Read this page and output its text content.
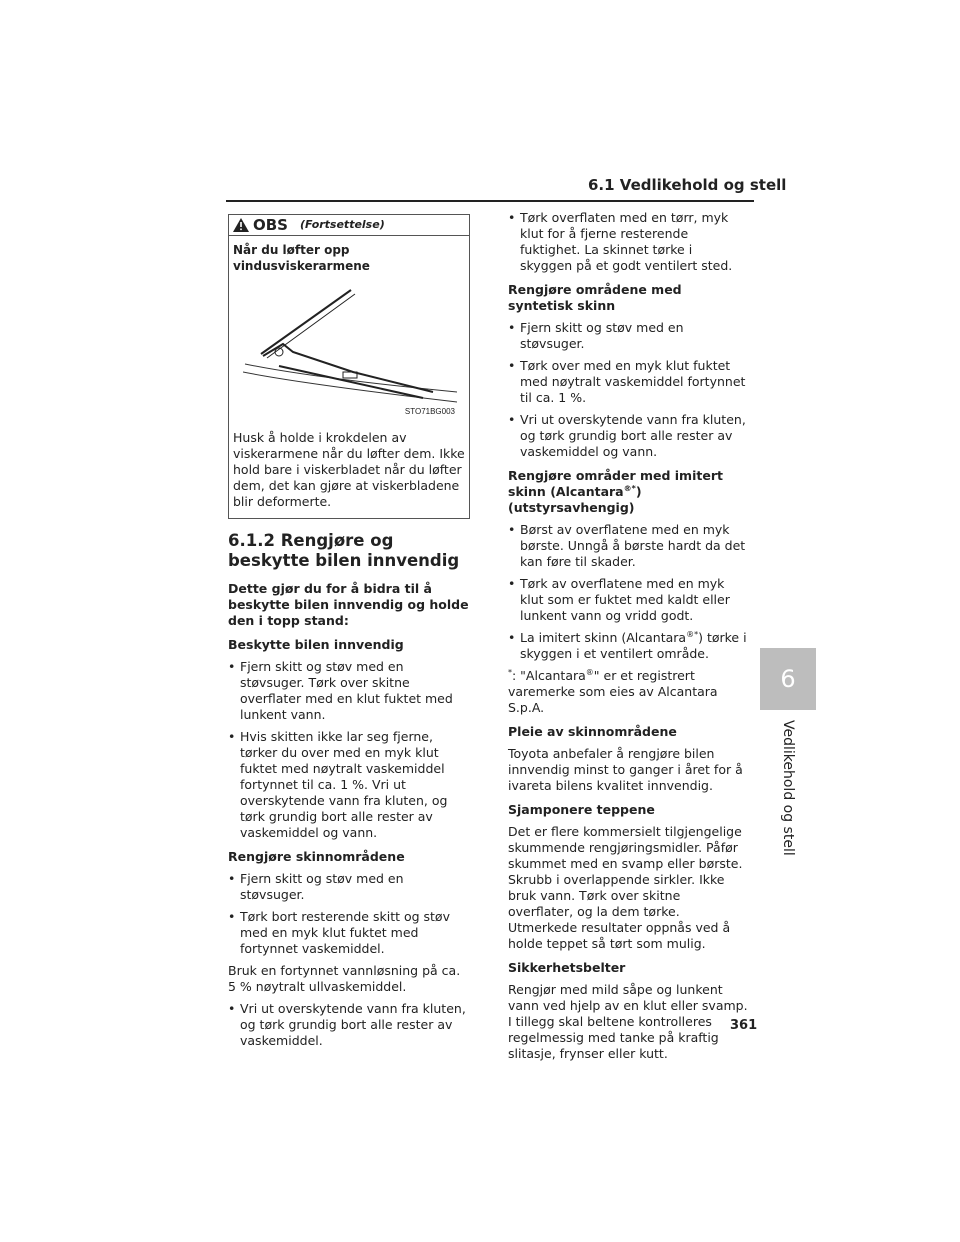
6.1 Vedlikehold og stell
6
Vedlikehold og stell
OBS (Fortsettelse)
Når du løfter opp vindusviskerarmene
STO71BG003
Husk å holde i krokdelen av viskerarmene når du løfter dem. Ikke hold bare i viskerbladet når du løfter dem, det kan gjøre at viskerbladene blir deformerte.
6.1.2 Rengjøre og beskytte bilen innvendig

Dette gjør du for å bidra til å beskytte bilen innvendig og holde den i topp stand:

Beskytte bilen innvendig
• Fjern skitt og støv med en støvsuger. Tørk over skitne overflater med en klut fuktet med lunkent vann.
• Hvis skitten ikke lar seg fjerne, tørker du over med en myk klut fuktet med nøytralt vaskemiddel fortynnet til ca. 1 %. Vri ut overskytende vann fra kluten, og tørk grundig bort alle rester av vaskemiddel og vann.
Rengjøre skinnområdene
• Fjern skitt og støv med en støvsuger.
• Tørk bort resterende skitt og støv med en myk klut fuktet med fortynnet vaskemiddel.

Bruk en fortynnet vannløsning på ca. 5 % nøytralt ullvaskemiddel.

• Vri ut overskytende vann fra kluten, og tørk grundig bort alle rester av vaskemiddel.
• Tørk overflaten med en tørr, myk klut for å fjerne resterende fuktighet. La skinnet tørke i skyggen på et godt ventilert sted.
Rengjøre områdene med syntetisk skinn
• Fjern skitt og støv med en støvsuger.
• Tørk over med en myk klut fuktet med nøytralt vaskemiddel fortynnet til ca. 1 %.
• Vri ut overskytende vann fra kluten, og tørk grundig bort alle rester av vaskemiddel og vann.
Rengjøre områder med imitert skinn (Alcantara®*) (utstyrsavhengig)
• Børst av overflatene med en myk børste. Unngå å børste hardt da det kan føre til skader.
• Tørk av overflatene med en myk klut som er fuktet med kaldt eller lunkent vann og vridd godt.
• La imitert skinn (Alcantara®*) tørke i skyggen i et ventilert område.

*: "Alcantara®" er et registrert varemerke som eies av Alcantara S.p.A.

Pleie av skinnområdene

Toyota anbefaler å rengjøre bilen innvendig minst to ganger i året for å ivareta bilens kvalitet innvendig.

Sjamponere teppene

Det er flere kommersielt tilgjengelige skummende rengjøringsmidler. Påfør skummet med en svamp eller børste. Skrubb i overlappende sirkler. Ikke bruk vann. Tørk over skitne overflater, og la dem tørke. Utmerkede resultater oppnås ved å holde teppet så tørt som mulig.

Sikkerhetsbelter

Rengjør med mild såpe og lunkent vann ved hjelp av en klut eller svamp. I tillegg skal beltene kontrolleres regelmessig med tanke på kraftig slitasje, frynser eller kutt.

361
